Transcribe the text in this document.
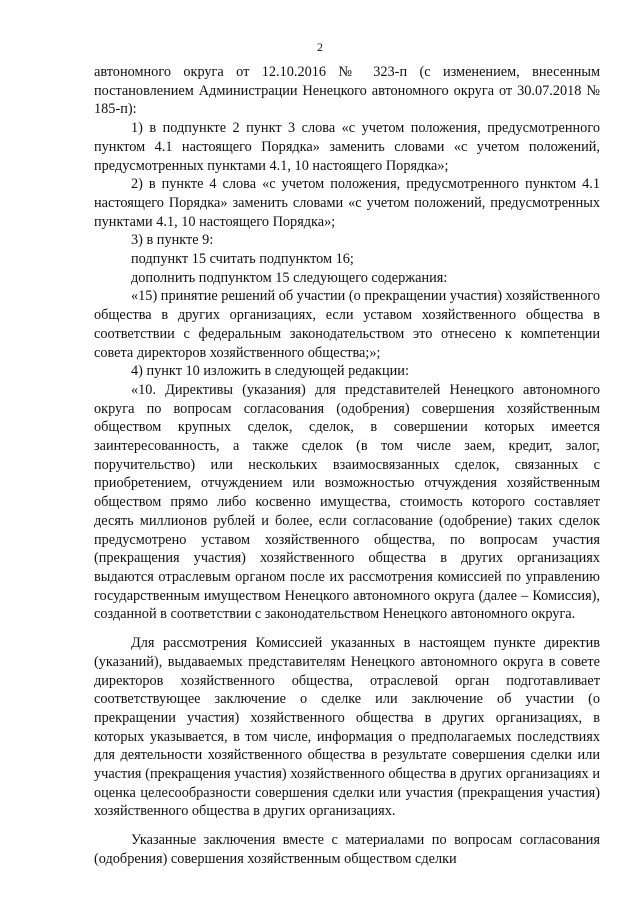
2

автономного округа от 12.10.2016 № 323-п (с изменением, внесенным постановлением Администрации Ненецкого автономного округа от 30.07.2018 № 185-п):

1) в подпункте 2 пункт 3 слова «с учетом положения, предусмотренного пунктом 4.1 настоящего Порядка» заменить словами «с учетом положений, предусмотренных пунктами 4.1, 10 настоящего Порядка»;

2) в пункте 4 слова «с учетом положения, предусмотренного пунктом 4.1 настоящего Порядка» заменить словами «с учетом положений, предусмотренных пунктами 4.1, 10 настоящего Порядка»;

3) в пункте 9:

подпункт 15 считать подпунктом 16;

дополнить подпунктом 15 следующего содержания:

«15) принятие решений об участии (о прекращении участия) хозяйственного общества в других организациях, если уставом хозяйственного общества в соответствии с федеральным законодательством это отнесено к компетенции совета директоров хозяйственного общества;»;

4) пункт 10 изложить в следующей редакции:

«10. Директивы (указания) для представителей Ненецкого автономного округа по вопросам согласования (одобрения) совершения хозяйственным обществом крупных сделок, сделок, в совершении которых имеется заинтересованность, а также сделок (в том числе заем, кредит, залог, поручительство) или нескольких взаимосвязанных сделок, связанных с приобретением, отчуждением или возможностью отчуждения хозяйственным обществом прямо либо косвенно имущества, стоимость которого составляет десять миллионов рублей и более, если согласование (одобрение) таких сделок предусмотрено уставом хозяйственного общества, по вопросам участия (прекращения участия) хозяйственного общества в других организациях выдаются отраслевым органом после их рассмотрения комиссией по управлению государственным имуществом Ненецкого автономного округа (далее – Комиссия), созданной в соответствии с законодательством Ненецкого автономного округа.

Для рассмотрения Комиссией указанных в настоящем пункте директив (указаний), выдаваемых представителям Ненецкого автономного округа в совете директоров хозяйственного общества, отраслевой орган подготавливает соответствующее заключение о сделке или заключение об участии (о прекращении участия) хозяйственного общества в других организациях, в которых указывается, в том числе, информация о предполагаемых последствиях для деятельности хозяйственного общества в результате совершения сделки или участия (прекращения участия) хозяйственного общества в других организациях и оценка целесообразности совершения сделки или участия (прекращения участия) хозяйственного общества в других организациях.

Указанные заключения вместе с материалами по вопросам согласования (одобрения) совершения хозяйственным обществом сделки
